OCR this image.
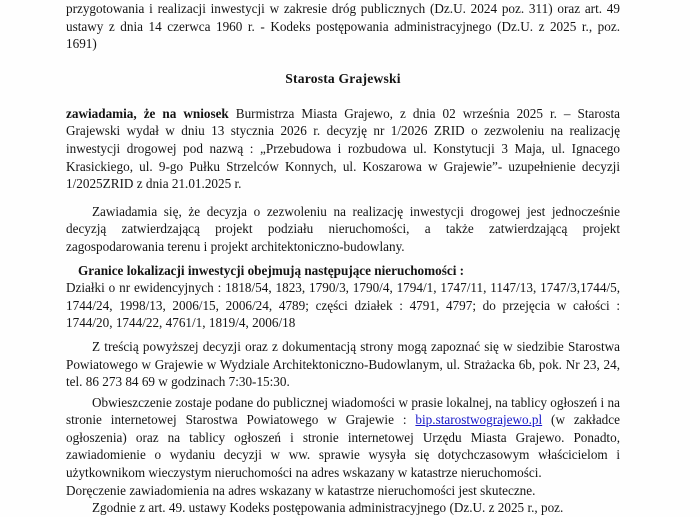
przygotowania i realizacji inwestycji w zakresie dróg publicznych (Dz.U. 2024 poz. 311) oraz art. 49 ustawy z dnia 14 czerwca 1960 r. - Kodeks postępowania administracyjnego (Dz.U. z 2025 r., poz. 1691)

Starosta Grajewski

zawiadamia, że na wniosek Burmistrza Miasta Grajewo, z dnia 02 września 2025 r. – Starosta Grajewski wydał w dniu 13 stycznia 2026 r. decyzję nr 1/2026 ZRID o zezwoleniu na realizację inwestycji drogowej pod nazwą : „Przebudowa i rozbudowa ul. Konstytucji 3 Maja, ul. Ignacego Krasickiego, ul. 9-go Pułku Strzelców Konnych, ul. Koszarowa w Grajewie”- uzupełnienie decyzji 1/2025ZRID z dnia 21.01.2025 r.

Zawiadamia się, że decyzja o zezwoleniu na realizację inwestycji drogowej jest jednocześnie decyzją zatwierdzającą projekt podziału nieruchomości, a także zatwierdzającą projekt zagospodarowania terenu i projekt architektoniczno-budowlany.

Granice lokalizacji inwestycji obejmują następujące nieruchomości :

Działki o nr ewidencyjnych : 1818/54, 1823, 1790/3, 1790/4, 1794/1, 1747/11, 1147/13, 1747/3,1744/5, 1744/24, 1998/13, 2006/15, 2006/24, 4789; części działek : 4791, 4797; do przejęcia w całości : 1744/20, 1744/22, 4761/1, 1819/4, 2006/18

Z treścią powyższej decyzji oraz z dokumentacją strony mogą zapoznać się w siedzibie Starostwa Powiatowego w Grajewie w Wydziale Architektoniczno-Budowlanym, ul. Strażacka 6b, pok. Nr 23, 24, tel. 86 273 84 69 w godzinach 7:30-15:30.

Obwieszczenie zostaje podane do publicznej wiadomości w prasie lokalnej, na tablicy ogłoszeń i na stronie internetowej Starostwa Powiatowego w Grajewie : bip.starostwograjewo.pl (w zakładce ogłoszenia) oraz na tablicy ogłoszeń i stronie internetowej Urzędu Miasta Grajewo. Ponadto, zawiadomienie o wydaniu decyzji w ww. sprawie wysyła się dotychczasowym właścicielom i użytkownikom wieczystym nieruchomości na adres wskazany w katastrze nieruchomości.

Doręczenie zawiadomienia na adres wskazany w katastrze nieruchomości jest skuteczne.

Zgodnie z art. 49. ustawy Kodeks postępowania administracyjnego (Dz.U. z 2025 r., poz.
